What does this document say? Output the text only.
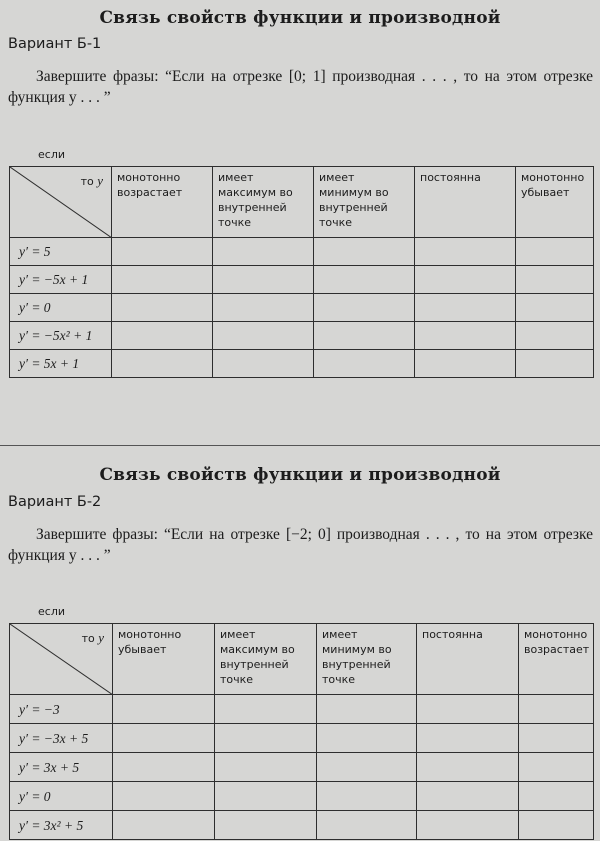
Связь свойств функции и производной
Вариант Б-1
Завершите фразы: “Если на отрезке [0; 1] производная . . . , то на этом отрезке функция y . . . ”
то y
если	монотонно возрастает	имеет максимум во внутренней точке	имеет минимум во внутренней точке	постоянна	монотонно убывает
y′ = 5					
y′ = −5x + 1					
y′ = 0					
y′ = −5x² + 1					
y′ = 5x + 1					
Связь свойств функции и производной
Вариант Б-2
Завершите фразы: “Если на отрезке [−2; 0] производная . . . , то на этом отрезке функция y . . . ”
то y
если	монотонно убывает	имеет максимум во внутренней точке	имеет минимум во внутренней точке	постоянна	монотонно возрастает
y′ = −3					
y′ = −3x + 5					
y′ = 3x + 5					
y′ = 0					
y′ = 3x² + 5					
